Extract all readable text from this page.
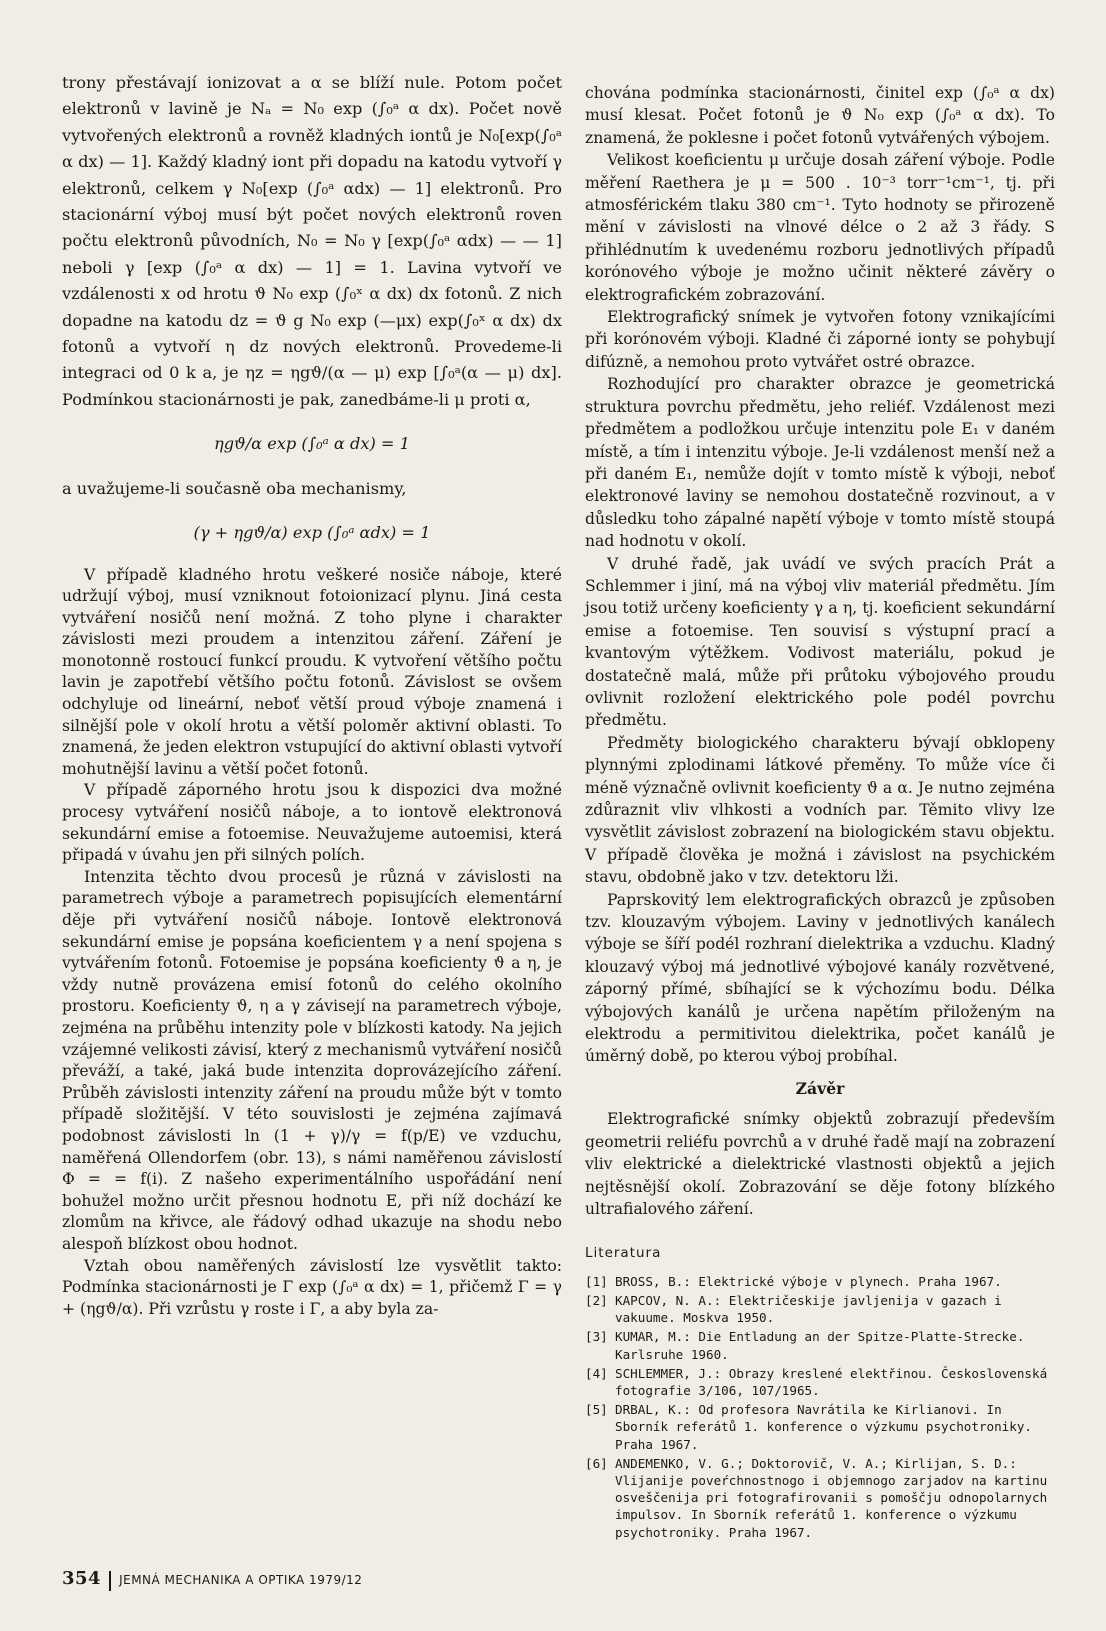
trony přestávají ionizovat a α se blíží nule. Potom počet elektronů v lavině je Nₐ = N₀ exp (∫₀ᵃ α dx). Počet nově vytvořených elektronů a rovněž kladných iontů je N₀[exp(∫₀ᵃ α dx) — 1]. Každý kladný iont při dopadu na katodu vytvoří γ elektronů, celkem γ N₀[exp (∫₀ᵃ αdx) — 1] elektronů. Pro stacionární výboj musí být počet nových elektronů roven počtu elektronů původních, N₀ = N₀ γ [exp(∫₀ᵃ αdx) — — 1] neboli γ [exp (∫₀ᵃ α dx) — 1] = 1. Lavina vytvoří ve vzdálenosti x od hrotu ϑ N₀ exp (∫₀ˣ α dx) dx fotonů. Z nich dopadne na katodu dz = ϑ g N₀ exp (—μx) exp(∫₀ˣ α dx) dx fotonů a vytvoří η dz nových elektronů. Provedeme-li integraci od 0 k a, je ηz = ηgϑ/(α — μ) exp [∫₀ᵃ(α — μ) dx]. Podmínkou stacionárnosti je pak, zanedbáme-li μ proti α,

ηgϑ/α exp (∫₀ᵃ α dx) = 1

a uvažujeme-li současně oba mechanismy,

(γ + ηgϑ/α) exp (∫₀ᵃ αdx) = 1

V případě kladného hrotu veškeré nosiče náboje, které udržují výboj, musí vzniknout fotoionizací plynu. Jiná cesta vytváření nosičů není možná. Z toho plyne i charakter závislosti mezi proudem a intenzitou záření. Záření je monotonně rostoucí funkcí proudu. K vytvoření většího počtu lavin je zapotřebí většího počtu fotonů. Závislost se ovšem odchyluje od lineární, neboť větší proud výboje znamená i silnější pole v okolí hrotu a větší poloměr aktivní oblasti. To znamená, že jeden elektron vstupující do aktivní oblasti vytvoří mohutnější lavinu a větší počet fotonů.

V případě záporného hrotu jsou k dispozici dva možné procesy vytváření nosičů náboje, a to iontově elektronová sekundární emise a fotoemise. Neuvažujeme autoemisi, která připadá v úvahu jen při silných polích.

Intenzita těchto dvou procesů je různá v závislosti na parametrech výboje a parametrech popisujících elementární děje při vytváření nosičů náboje. Iontově elektronová sekundární emise je popsána koeficientem γ a není spojena s vytvářením fotonů. Fotoemise je popsána koeficienty ϑ a η, je vždy nutně provázena emisí fotonů do celého okolního prostoru. Koeficienty ϑ, η a γ závisejí na parametrech výboje, zejména na průběhu intenzity pole v blízkosti katody. Na jejich vzájemné velikosti závisí, který z mechanismů vytváření nosičů převáží, a také, jaká bude intenzita doprovázejícího záření. Průběh závislosti intenzity záření na proudu může být v tomto případě složitější. V této souvislosti je zejména zajímavá podobnost závislosti ln (1 + γ)/γ = f(p/E) ve vzduchu, naměřená Ollendorfem (obr. 13), s námi naměřenou závislostí Φ = = f(i). Z našeho experimentálního uspořádání není bohužel možno určit přesnou hodnotu E, při níž dochází ke zlomům na křivce, ale řádový odhad ukazuje na shodu nebo alespoň blízkost obou hodnot.

Vztah obou naměřených závislostí lze vysvětlit takto: Podmínka stacionárnosti je Γ exp (∫₀ᵃ α dx) = 1, přičemž Γ = γ + (ηgϑ/α). Při vzrůstu γ roste i Γ, a aby byla za-

chována podmínka stacionárnosti, činitel exp (∫₀ᵃ α dx) musí klesat. Počet fotonů je ϑ N₀ exp (∫₀ᵃ α dx). To znamená, že poklesne i počet fotonů vytvářených výbojem.

Velikost koeficientu μ určuje dosah záření výboje. Podle měření Raethera je μ = 500 . 10⁻³ torr⁻¹cm⁻¹, tj. při atmosférickém tlaku 380 cm⁻¹. Tyto hodnoty se přirozeně mění v závislosti na vlnové délce o 2 až 3 řády. S přihlédnutím k uvedenému rozboru jednotlivých případů korónového výboje je možno učinit některé závěry o elektrografickém zobrazování.

Elektrografický snímek je vytvořen fotony vznikajícími při korónovém výboji. Kladné či záporné ionty se pohybují difúzně, a nemohou proto vytvářet ostré obrazce.

Rozhodující pro charakter obrazce je geometrická struktura povrchu předmětu, jeho reliéf. Vzdálenost mezi předmětem a podložkou určuje intenzitu pole E₁ v daném místě, a tím i intenzitu výboje. Je-li vzdálenost menší než a při daném E₁, nemůže dojít v tomto místě k výboji, neboť elektronové laviny se nemohou dostatečně rozvinout, a v důsledku toho zápalné napětí výboje v tomto místě stoupá nad hodnotu v okolí.

V druhé řadě, jak uvádí ve svých pracích Prát a Schlemmer i jiní, má na výboj vliv materiál předmětu. Jím jsou totiž určeny koeficienty γ a η, tj. koeficient sekundární emise a fotoemise. Ten souvisí s výstupní prací a kvantovým výtěžkem. Vodivost materiálu, pokud je dostatečně malá, může při průtoku výbojového proudu ovlivnit rozložení elektrického pole podél povrchu předmětu.

Předměty biologického charakteru bývají obklopeny plynnými zplodinami látkové přeměny. To může více či méně význačně ovlivnit koeficienty ϑ a α. Je nutno zejména zdůraznit vliv vlhkosti a vodních par. Těmito vlivy lze vysvětlit závislost zobrazení na biologickém stavu objektu. V případě člověka je možná i závislost na psychickém stavu, obdobně jako v tzv. detektoru lži.

Paprskovitý lem elektrografických obrazců je způsoben tzv. klouzavým výbojem. Laviny v jednotlivých kanálech výboje se šíří podél rozhraní dielektrika a vzduchu. Kladný klouzavý výboj má jednotlivé výbojové kanály rozvětvené, záporný přímé, sbíhající se k výchozímu bodu. Délka výbojových kanálů je určena napětím přiloženým na elektrodu a permitivitou dielektrika, počet kanálů je úměrný době, po kterou výboj probíhal.

Závěr

Elektrografické snímky objektů zobrazují především geometrii reliéfu povrchů a v druhé řadě mají na zobrazení vliv elektrické a dielektrické vlastnosti objektů a jejich nejtěsnější okolí. Zobrazování se děje fotony blízkého ultrafialového záření.

Literatura

[1] BROSS, B.: Elektrické výboje v plynech. Praha 1967.
[2] KAPCOV, N. A.: Električeskije javljenija v gazach i vakuume. Moskva 1950.
[3] KUMAR, M.: Die Entladung an der Spitze-Platte-Strecke. Karlsruhe 1960.
[4] SCHLEMMER, J.: Obrazy kreslené elektřinou. Československá fotografie 3/106, 107/1965.
[5] DRBAL, K.: Od profesora Navrátila ke Kirlianovi. In Sborník referátů 1. konference o výzkumu psychotroniky. Praha 1967.
[6] ANDEMENKO, V. G.; Doktorovič, V. A.; Kirlijan, S. D.: Vlijanije poveŕchnostnogo i objemnogo zarjadov na kartinu osveščenija pri fotografirovanii s pomoščju odnopolarnych impulsov. In Sborník referátů 1. konference o výzkumu psychotroniky. Praha 1967.
354 JEMNÁ MECHANIKA A OPTIKA 1979/12
